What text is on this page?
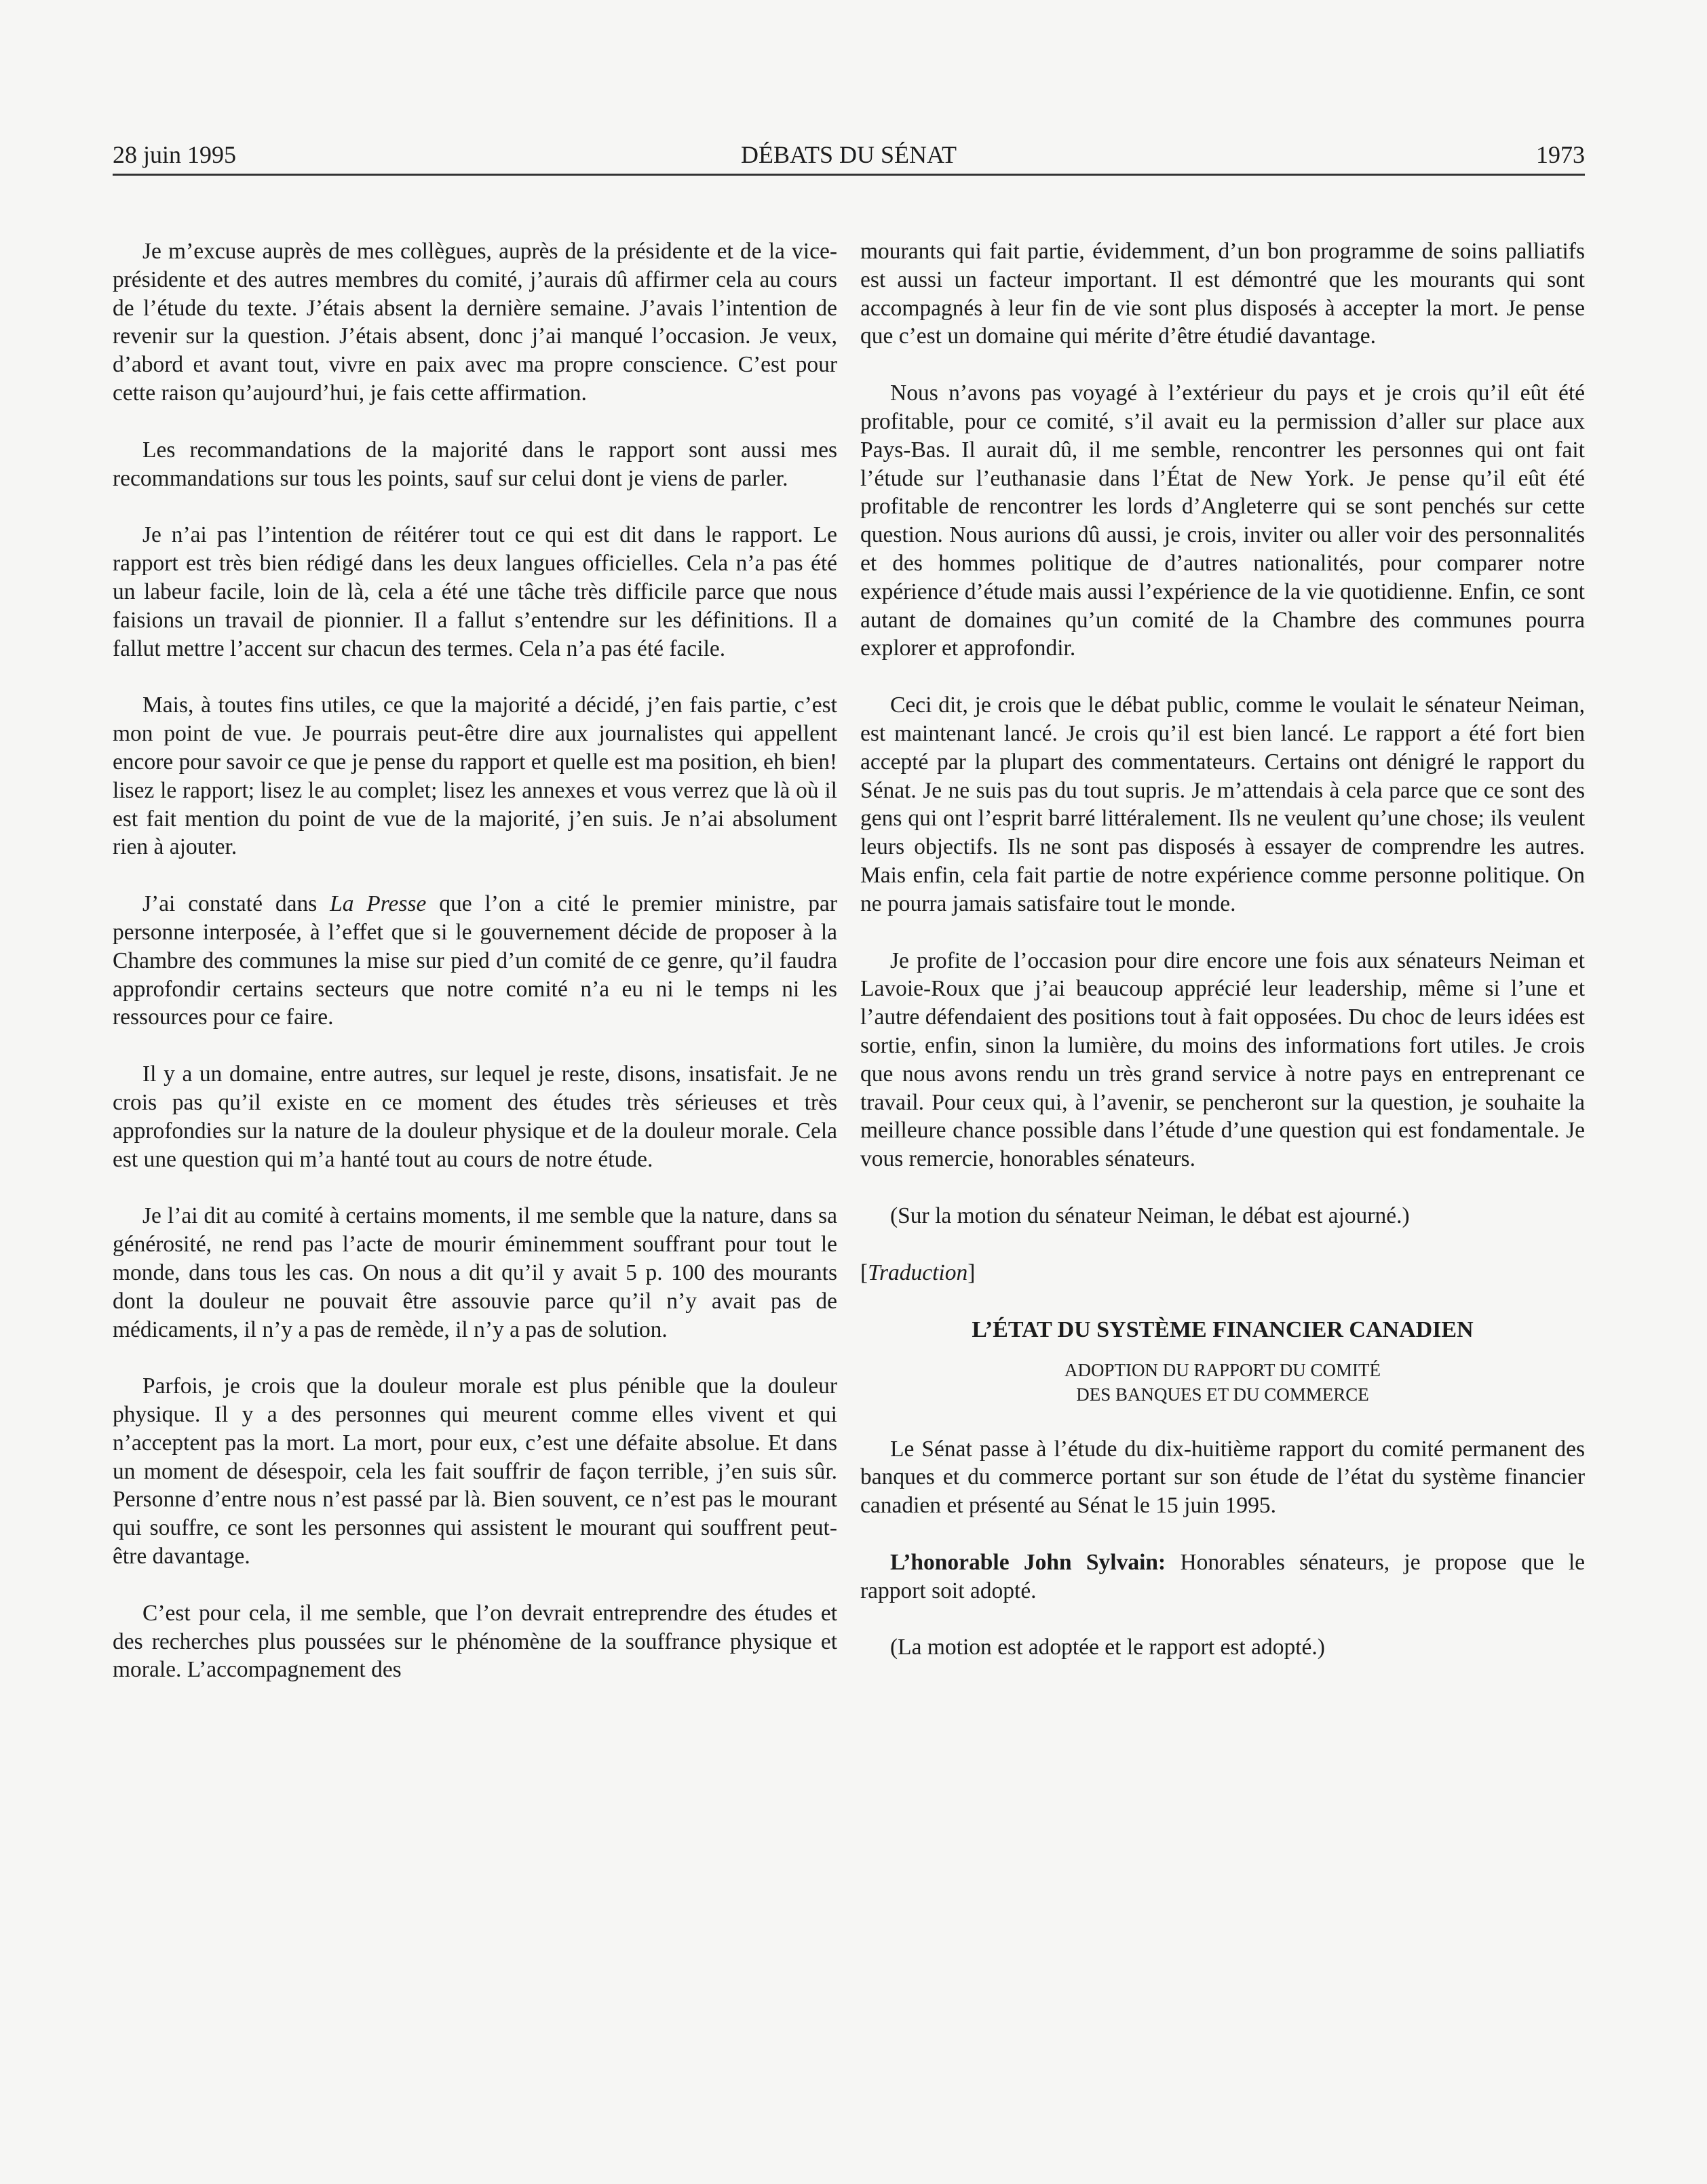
28 juin 1995	DÉBATS DU SÉNAT	1973

Je m’excuse auprès de mes collègues, auprès de la présidente et de la vice-présidente et des autres membres du comité, j’aurais dû affirmer cela au cours de l’étude du texte. J’étais absent la dernière semaine. J’avais l’intention de revenir sur la question. J’étais absent, donc j’ai manqué l’occasion. Je veux, d’abord et avant tout, vivre en paix avec ma propre conscience. C’est pour cette raison qu’aujourd’hui, je fais cette affirmation.

Les recommandations de la majorité dans le rapport sont aussi mes recommandations sur tous les points, sauf sur celui dont je viens de parler.

Je n’ai pas l’intention de réitérer tout ce qui est dit dans le rapport. Le rapport est très bien rédigé dans les deux langues officielles. Cela n’a pas été un labeur facile, loin de là, cela a été une tâche très difficile parce que nous faisions un travail de pionnier. Il a fallut s’entendre sur les définitions. Il a fallut mettre l’accent sur chacun des termes. Cela n’a pas été facile.

Mais, à toutes fins utiles, ce que la majorité a décidé, j’en fais partie, c’est mon point de vue. Je pourrais peut-être dire aux journalistes qui appellent encore pour savoir ce que je pense du rapport et quelle est ma position, eh bien! lisez le rapport; lisez le au complet; lisez les annexes et vous verrez que là où il est fait mention du point de vue de la majorité, j’en suis. Je n’ai absolument rien à ajouter.

J’ai constaté dans La Presse que l’on a cité le premier ministre, par personne interposée, à l’effet que si le gouvernement décide de proposer à la Chambre des communes la mise sur pied d’un comité de ce genre, qu’il faudra approfondir certains secteurs que notre comité n’a eu ni le temps ni les ressources pour ce faire.

Il y a un domaine, entre autres, sur lequel je reste, disons, insatisfait. Je ne crois pas qu’il existe en ce moment des études très sérieuses et très approfondies sur la nature de la douleur physique et de la douleur morale. Cela est une question qui m’a hanté tout au cours de notre étude.

Je l’ai dit au comité à certains moments, il me semble que la nature, dans sa générosité, ne rend pas l’acte de mourir éminemment souffrant pour tout le monde, dans tous les cas. On nous a dit qu’il y avait 5 p. 100 des mourants dont la douleur ne pouvait être assouvie parce qu’il n’y avait pas de médicaments, il n’y a pas de remède, il n’y a pas de solution.

Parfois, je crois que la douleur morale est plus pénible que la douleur physique. Il y a des personnes qui meurent comme elles vivent et qui n’acceptent pas la mort. La mort, pour eux, c’est une défaite absolue. Et dans un moment de désespoir, cela les fait souffrir de façon terrible, j’en suis sûr. Personne d’entre nous n’est passé par là. Bien souvent, ce n’est pas le mourant qui souffre, ce sont les personnes qui assistent le mourant qui souffrent peut-être davantage.

C’est pour cela, il me semble, que l’on devrait entreprendre des études et des recherches plus poussées sur le phénomène de la souffrance physique et morale. L’accompagnement des

mourants qui fait partie, évidemment, d’un bon programme de soins palliatifs est aussi un facteur important. Il est démontré que les mourants qui sont accompagnés à leur fin de vie sont plus disposés à accepter la mort. Je pense que c’est un domaine qui mérite d’être étudié davantage.

Nous n’avons pas voyagé à l’extérieur du pays et je crois qu’il eût été profitable, pour ce comité, s’il avait eu la permission d’aller sur place aux Pays-Bas. Il aurait dû, il me semble, rencontrer les personnes qui ont fait l’étude sur l’euthanasie dans l’État de New York. Je pense qu’il eût été profitable de rencontrer les lords d’Angleterre qui se sont penchés sur cette question. Nous aurions dû aussi, je crois, inviter ou aller voir des personnalités et des hommes politique de d’autres nationalités, pour comparer notre expérience d’étude mais aussi l’expérience de la vie quotidienne. Enfin, ce sont autant de domaines qu’un comité de la Chambre des communes pourra explorer et approfondir.

Ceci dit, je crois que le débat public, comme le voulait le sénateur Neiman, est maintenant lancé. Je crois qu’il est bien lancé. Le rapport a été fort bien accepté par la plupart des commentateurs. Certains ont dénigré le rapport du Sénat. Je ne suis pas du tout supris. Je m’attendais à cela parce que ce sont des gens qui ont l’esprit barré littéralement. Ils ne veulent qu’une chose; ils veulent leurs objectifs. Ils ne sont pas disposés à essayer de comprendre les autres. Mais enfin, cela fait partie de notre expérience comme personne politique. On ne pourra jamais satisfaire tout le monde.

Je profite de l’occasion pour dire encore une fois aux sénateurs Neiman et Lavoie-Roux que j’ai beaucoup apprécié leur leadership, même si l’une et l’autre défendaient des positions tout à fait opposées. Du choc de leurs idées est sortie, enfin, sinon la lumière, du moins des informations fort utiles. Je crois que nous avons rendu un très grand service à notre pays en entreprenant ce travail. Pour ceux qui, à l’avenir, se pencheront sur la question, je souhaite la meilleure chance possible dans l’étude d’une question qui est fondamentale. Je vous remercie, honorables sénateurs.

(Sur la motion du sénateur Neiman, le débat est ajourné.)

[Traduction]

L’ÉTAT DU SYSTÈME FINANCIER CANADIEN
ADOPTION DU RAPPORT DU COMITÉ
DES BANQUES ET DU COMMERCE

Le Sénat passe à l’étude du dix-huitième rapport du comité permanent des banques et du commerce portant sur son étude de l’état du système financier canadien et présenté au Sénat le 15 juin 1995.

L’honorable John Sylvain: Honorables sénateurs, je propose que le rapport soit adopté.

(La motion est adoptée et le rapport est adopté.)
